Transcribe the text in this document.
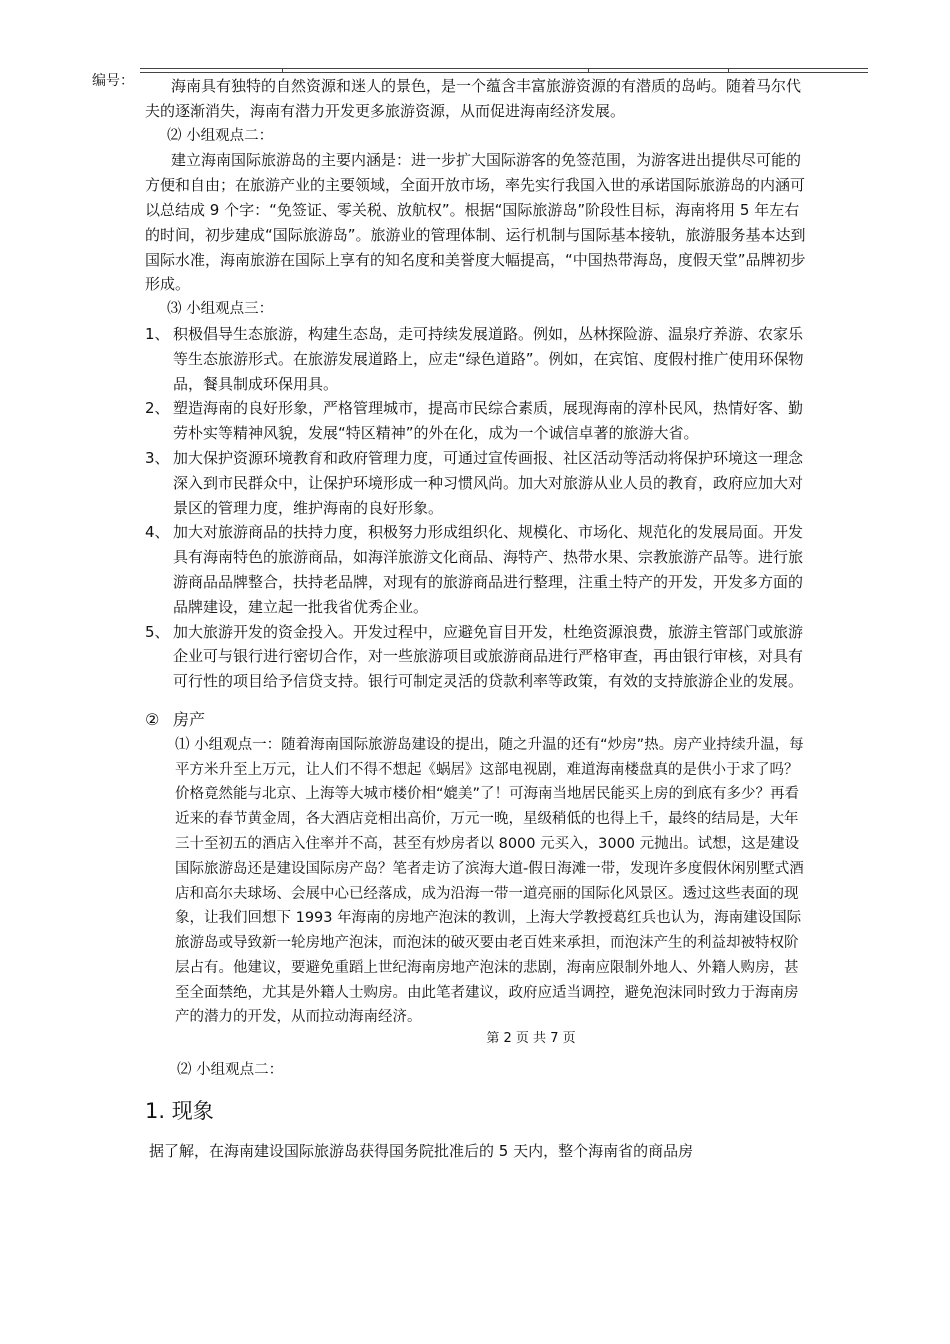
编号：	海南具有独特的自然资源和迷人的景色，是一个蕴含丰富旅游资源的有潜质的岛屿。随着马尔代夫的逐渐消失，海南有潜力开发更多旅游资源，从而促进海南经济发展。

⑵ 小组观点二：

建立海南国际旅游岛的主要内涵是：进一步扩大国际游客的免签范围，为游客进出提供尽可能的方便和自由；在旅游产业的主要领域，全面开放市场，率先实行我国入世的承诺国际旅游岛的内涵可以总结成 9 个字：“免签证、零关税、放航权”。根据“国际旅游岛”阶段性目标，海南将用 5 年左右的时间，初步建成“国际旅游岛”。旅游业的管理体制、运行机制与国际基本接轨，旅游服务基本达到国际水准，海南旅游在国际上享有的知名度和美誉度大幅提高，“中国热带海岛，度假天堂”品牌初步形成。

⑶ 小组观点三：

1、 积极倡导生态旅游，构建生态岛，走可持续发展道路。例如，丛林探险游、温泉疗养游、农家乐等生态旅游形式。在旅游发展道路上，应走“绿色道路”。例如，在宾馆、度假村推广使用环保物品，餐具制成环保用具。
2、 塑造海南的良好形象，严格管理城市，提高市民综合素质，展现海南的淳朴民风，热情好客、勤劳朴实等精神风貌，发展“特区精神”的外在化，成为一个诚信卓著的旅游大省。
3、 加大保护资源环境教育和政府管理力度，可通过宣传画报、社区活动等活动将保护环境这一理念深入到市民群众中，让保护环境形成一种习惯风尚。加大对旅游从业人员的教育，政府应加大对景区的管理力度，维护海南的良好形象。
4、 加大对旅游商品的扶持力度，积极努力形成组织化、规模化、市场化、规范化的发展局面。开发具有海南特色的旅游商品，如海洋旅游文化商品、海特产、热带水果、宗教旅游产品等。进行旅游商品品牌整合，扶持老品牌，对现有的旅游商品进行整理，注重土特产的开发，开发多方面的品牌建设，建立起一批我省优秀企业。
5、 加大旅游开发的资金投入。开发过程中，应避免盲目开发，杜绝资源浪费，旅游主管部门或旅游企业可与银行进行密切合作，对一些旅游项目或旅游商品进行严格审查，再由银行审核，对具有可行性的项目给予信贷支持。银行可制定灵活的贷款利率等政策，有效的支持旅游企业的发展。
② 房产

⑴ 小组观点一：随着海南国际旅游岛建设的提出，随之升温的还有“炒房”热。房产业持续升温，每平方米升至上万元，让人们不得不想起《蜗居》这部电视剧，难道海南楼盘真的是供小于求了吗？价格竟然能与北京、上海等大城市楼价相“媲美”了！可海南当地居民能买上房的到底有多少？再看近来的春节黄金周，各大酒店竞相出高价，万元一晚，星级稍低的也得上千，最终的结局是，大年三十至初五的酒店入住率并不高，甚至有炒房者以 8000 元买入，3000 元抛出。试想，这是建设国际旅游岛还是建设国际房产岛？笔者走访了滨海大道-假日海滩一带，发现许多度假休闲别墅式酒店和高尔夫球场、会展中心已经落成，成为沿海一带一道亮丽的国际化风景区。透过这些表面的现象，让我们回想下 1993 年海南的房地产泡沫的教训，上海大学教授葛红兵也认为，海南建设国际旅游岛或导致新一轮房地产泡沫，而泡沫的破灭要由老百姓来承担，而泡沫产生的利益却被特权阶层占有。他建议，要避免重蹈上世纪海南房地产泡沫的悲剧，海南应限制外地人、外籍人购房，甚至全面禁绝，尤其是外籍人士购房。由此笔者建议，政府应适当调控，避免泡沫同时致力于海南房产的潜力的开发，从而拉动海南经济。

第 2 页 共 7 页

⑵ 小组观点二：

1. 现象

据了解，在海南建设国际旅游岛获得国务院批准后的 5 天内，整个海南省的商品房
